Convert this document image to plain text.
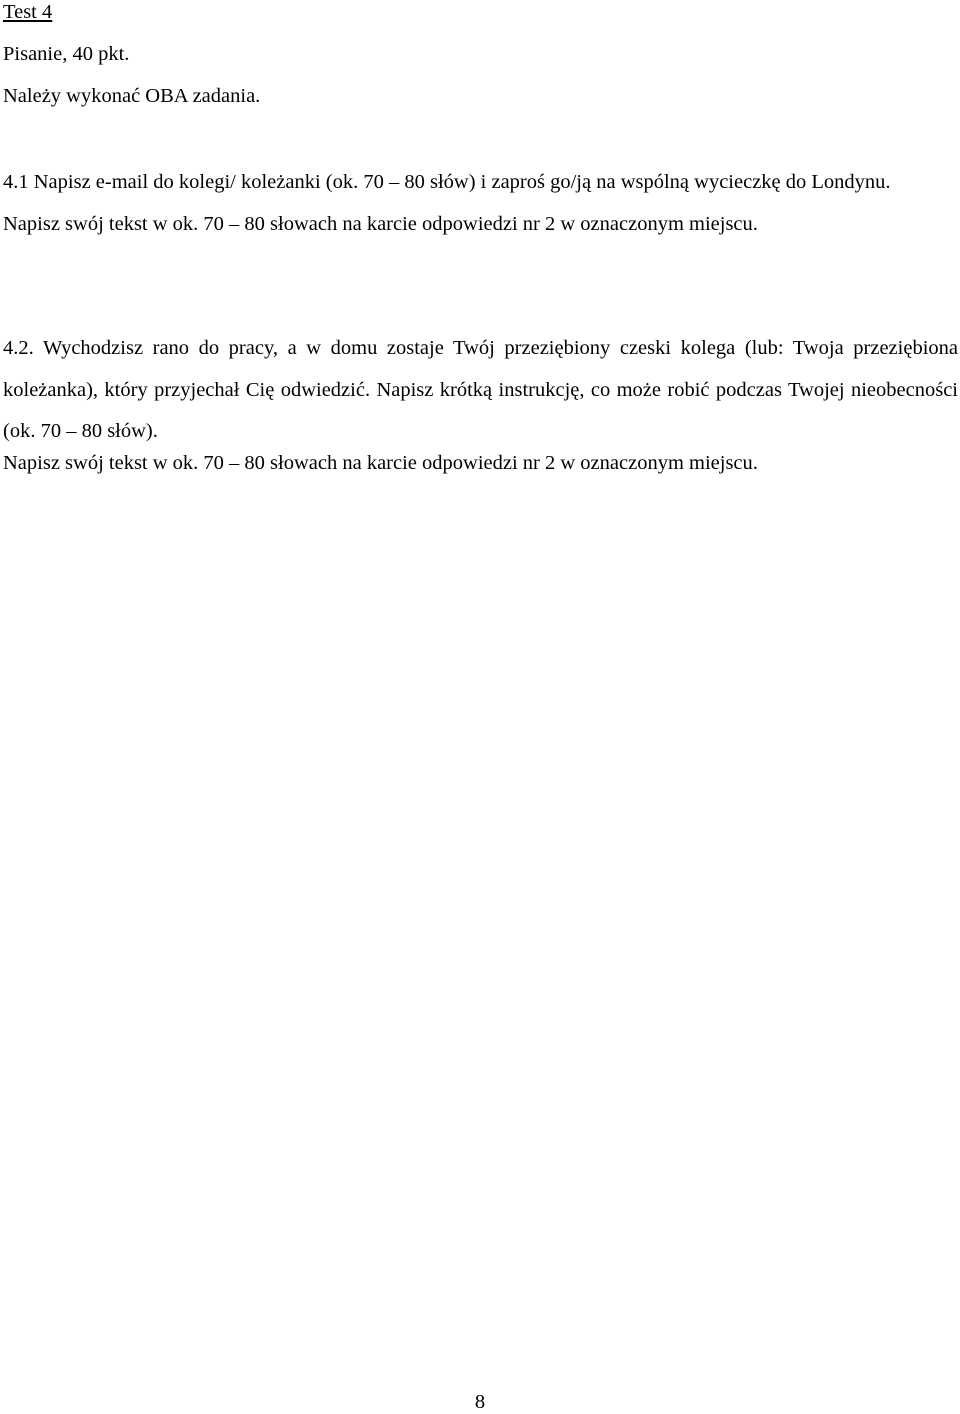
Test 4
Pisanie, 40 pkt.
Należy wykonać OBA zadania.

4.1 Napisz e-mail do kolegi/ koleżanki (ok. 70 – 80 słów) i zaproś go/ją na wspólną wycieczkę do Londynu.

Napisz swój tekst w ok. 70 – 80 słowach na karcie odpowiedzi nr 2 w oznaczonym miejscu.

4.2. Wychodzisz rano do pracy, a w domu zostaje Twój przeziębiony czeski kolega (lub: Twoja przeziębiona koleżanka), który przyjechał Cię odwiedzić. Napisz krótką instrukcję, co może robić podczas Twojej nieobecności (ok. 70 – 80 słów).

Napisz swój tekst w ok. 70 – 80 słowach na karcie odpowiedzi nr 2 w oznaczonym miejscu.

8
